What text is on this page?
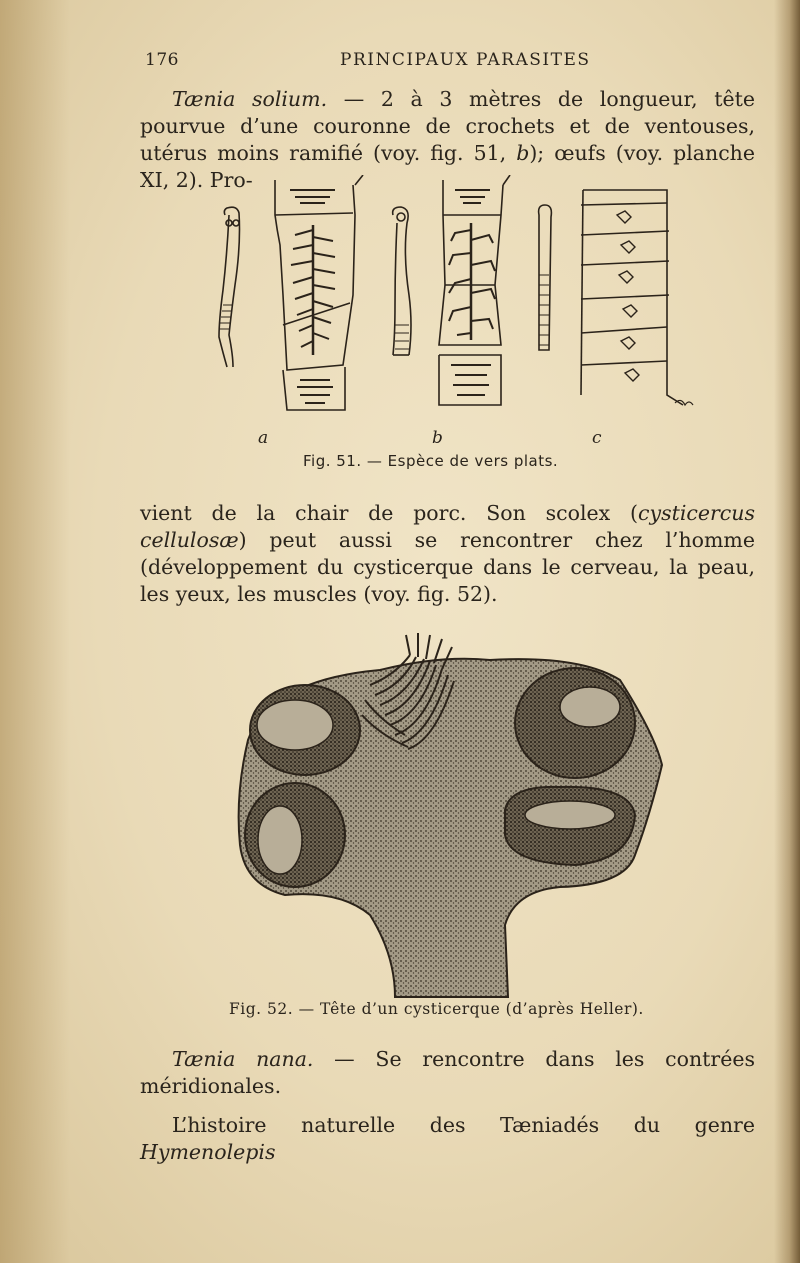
176	PRINCIPAUX PARASITES

Tænia solium. — 2 à 3 mètres de longueur, tête pourvue d’une couronne de crochets et de ventouses, utérus moins ramifié (voy. fig. 51, b); œufs (voy. planche XI, 2). Pro-

a	b	c
Fig. 51. — Espèce de vers plats.

vient de la chair de porc. Son scolex (cysticercus cellulosæ) peut aussi se rencontrer chez l’homme (développement du cysticerque dans le cerveau, la peau, les yeux, les muscles (voy. fig. 52).

Fig. 52. — Tête d’un cysticerque (d’après Heller).

Tænia nana. — Se rencontre dans les contrées méridionales.

L’histoire naturelle des Tæniadés du genre Hymenolepis
